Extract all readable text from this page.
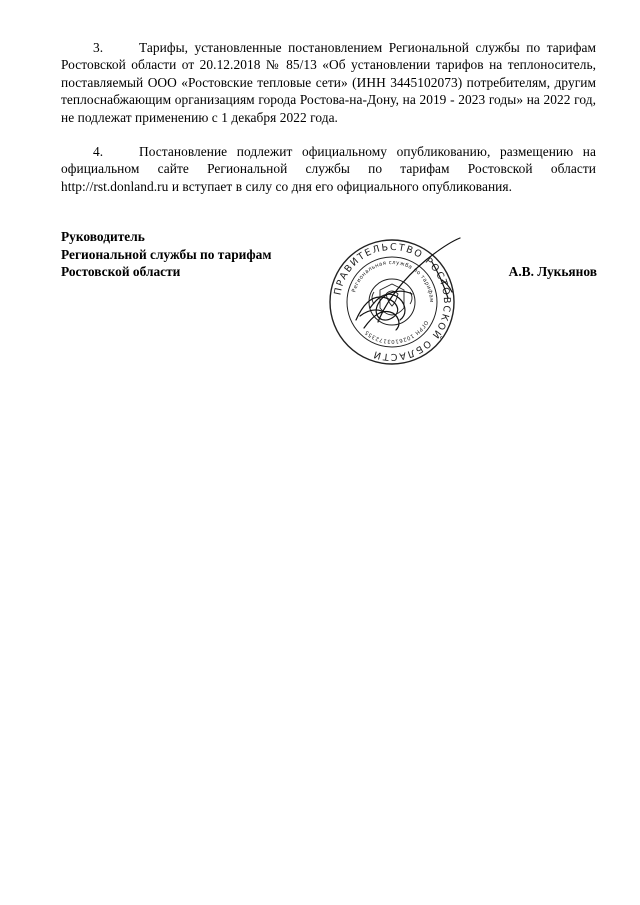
3.	Тарифы, установленные постановлением Региональной службы по тарифам Ростовской области от 20.12.2018 № 85/13 «Об установлении тарифов на теплоноситель, поставляемый ООО «Ростовские тепловые сети» (ИНН 3445102073) потребителям, другим теплоснабжающим организациям города Ростова-на-Дону, на 2019 - 2023 годы» на 2022 год, не подлежат применению с 1 декабря 2022 года.

4.	Постановление подлежит официальному опубликованию, размещению на официальном сайте Региональной службы по тарифам Ростовской области http://rst.donland.ru и вступает в силу со дня его официального опубликования.

Руководитель
Региональной службы по тарифам
Ростовской области	А.В. Лукьянов
ПРАВИТЕЛЬСТВО РОСТОВСКОЙ ОБЛАСТИ
Региональная служба по тарифам
ОГРН 1026103172355
